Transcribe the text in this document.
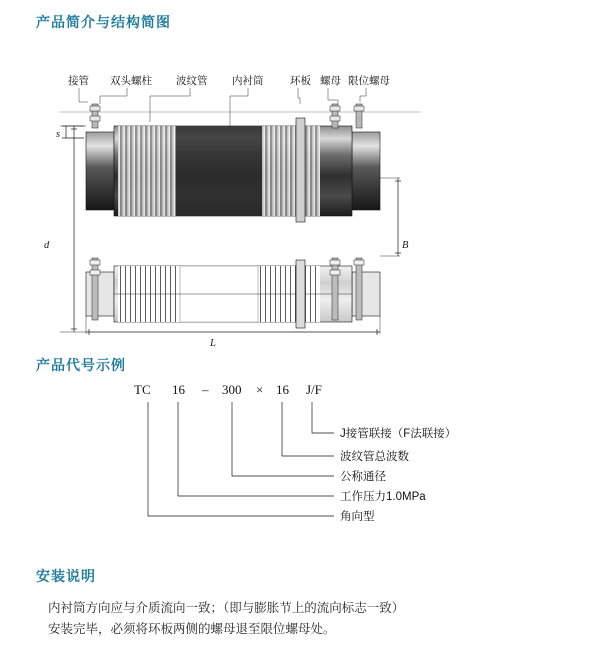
产品简介与结构简图
接管 双头螺柱 波纹管 内衬筒	环板 螺母 限位螺母
s
d	B
L
产品代号示例
TC 16 – 300 × 16 J/F
J接管联接（F法联接）
波纹管总波数
公称通径
工作压力1.0MPa
角向型
安装说明
内衬筒方向应与介质流向一致；（即与膨胀节上的流向标志一致）
安装完毕，必须将环板两侧的螺母退至限位螺母处。
